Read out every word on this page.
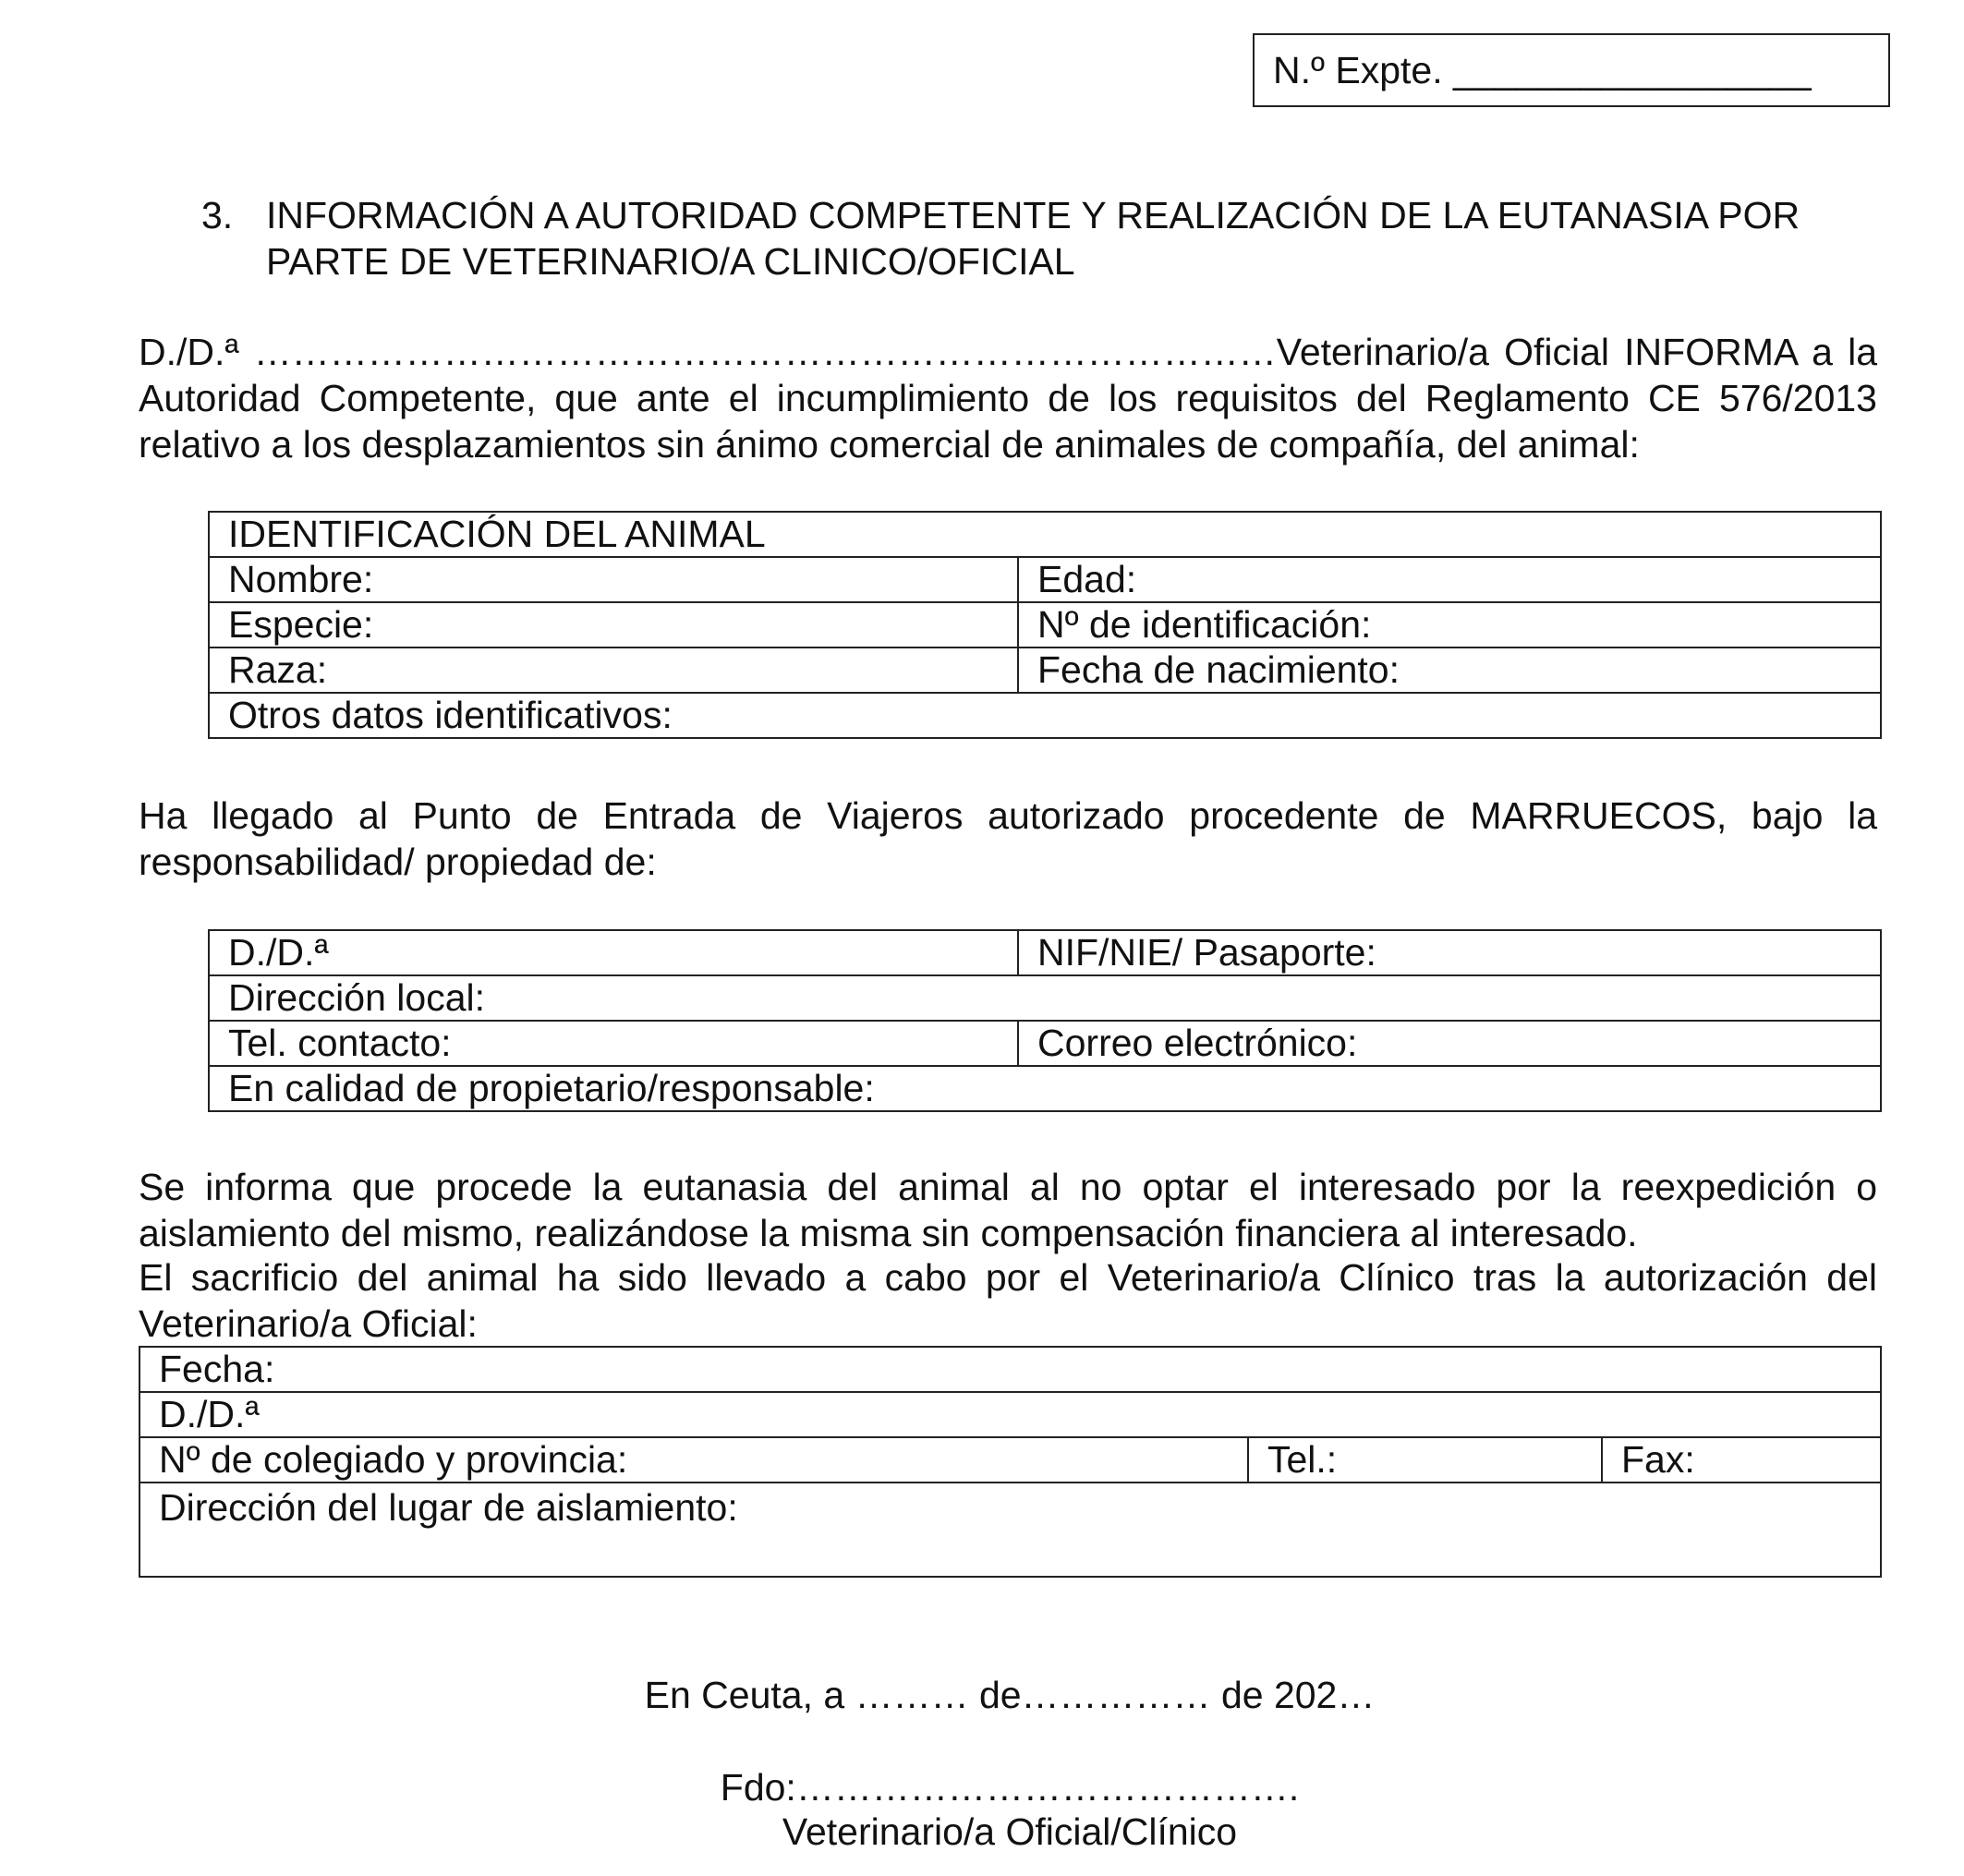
N.º Expte. _________________
3. INFORMACIÓN A AUTORIDAD COMPETENTE Y REALIZACIÓN DE LA EUTANASIA POR PARTE DE VETERINARIO/A CLINICO/OFICIAL

D./D.ª ………………………………………………………………………Veterinario/a Oficial INFORMA a la Autoridad Competente, que ante el incumplimiento de los requisitos del Reglamento CE 576/2013 relativo a los desplazamientos sin ánimo comercial de animales de compañía, del animal:

IDENTIFICACIÓN DEL ANIMAL	
Nombre:	Edad:
Especie:	Nº de identificación:
Raza:	Fecha de nacimiento:
Otros datos identificativos:	

Ha llegado al Punto de Entrada de Viajeros autorizado procedente de MARRUECOS, bajo la responsabilidad/ propiedad de:

D./D.ª	NIF/NIE/ Pasaporte:
Dirección local:	
Tel. contacto:	Correo electrónico:
En calidad de propietario/responsable:	

Se informa que procede la eutanasia del animal al no optar el interesado por la reexpedición o aislamiento del mismo, realizándose la misma sin compensación financiera al interesado.

El sacrificio del animal ha sido llevado a cabo por el Veterinario/a Clínico tras la autorización del Veterinario/a Oficial:

Fecha:
D./D.ª
Nº de colegiado y provincia:	Tel.:	Fax:
Dirección del lugar de aislamiento:
En Ceuta, a ……… de…………… de 202…
Fdo:………………………………….
Veterinario/a Oficial/Clínico
